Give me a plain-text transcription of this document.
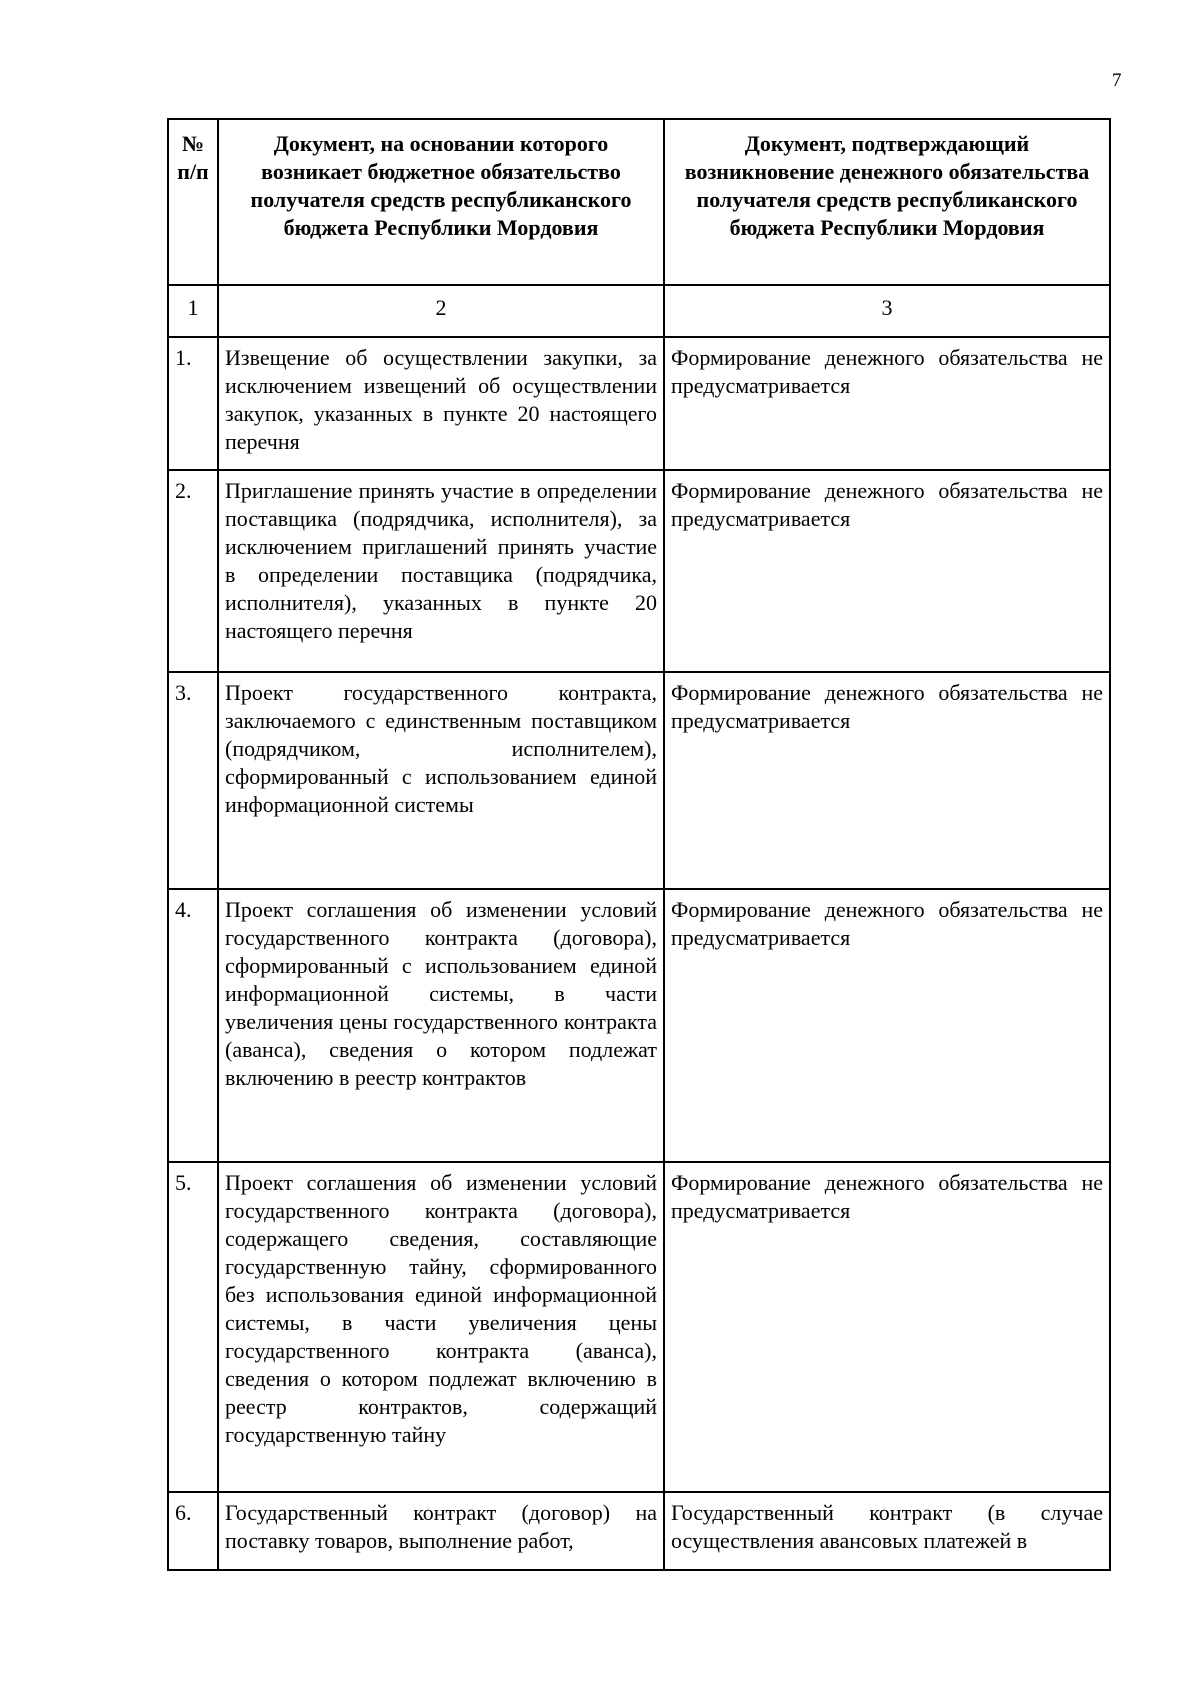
7
№ п/п	Документ, на основании которого возникает бюджетное обязательство получателя средств республиканского бюджета Республики Мордовия	Документ, подтверждающий возникновение денежного обязательства получателя средств республиканского бюджета Республики Мордовия
1	2	3
1.	Извещение об осуществлении закупки, за исключением извещений об осуществлении закупок, указанных в пункте 20 настоящего перечня	Формирование денежного обязательства не предусматривается
2.	Приглашение принять участие в определении поставщика (подрядчика, исполнителя), за исключением приглашений принять участие в определении поставщика (подрядчика, исполнителя), указанных в пункте 20 настоящего перечня	Формирование денежного обязательства не предусматривается
3.	Проект государственного контракта, заключаемого с единственным поставщиком (подрядчиком, исполнителем), сформированный с использованием единой информационной системы	Формирование денежного обязательства не предусматривается
4.	Проект соглашения об изменении условий государственного контракта (договора), сформированный с использованием единой информационной системы, в части увеличения цены государственного контракта (аванса), сведения о котором подлежат включению в реестр контрактов	Формирование денежного обязательства не предусматривается
5.	Проект соглашения об изменении условий государственного контракта (договора), содержащего сведения, составляющие государственную тайну, сформированного без использования единой информационной системы, в части увеличения цены государственного контракта (аванса), сведения о котором подлежат включению в реестр контрактов, содержащий государственную тайну	Формирование денежного обязательства не предусматривается
6.	Государственный контракт (договор) на поставку товаров, выполнение работ,	Государственный контракт (в случае осуществления авансовых платежей в
